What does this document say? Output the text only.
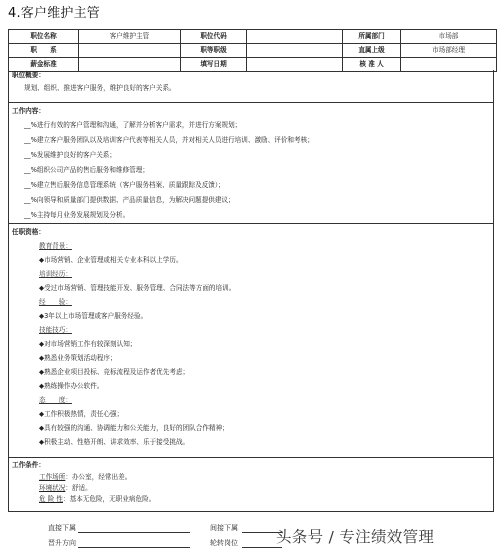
4.客户维护主管
职位名称	客户维护主管	职位代码		所属部门	市场部
职　　系		职等职级		直属上级	市场部经理
薪金标准		填写日期		核 准 人	
职位概要：
规划、组织、推进客户服务，维护良好的客户关系。
工作内容：
__%进行有效的客户管理和沟通，了解并分析客户需求，并进行方案规划；
__%建立客户服务团队以及培训客户代表等相关人员，并对相关人员进行培训、激励、评价和考核；
__%发展维护良好的客户关系；
__%组织公司产品的售后服务和维修管理；
__%建立售后服务信息管理系统（客户服务档案、质量跟踪及反馈）；
__%向领导和质量部门提供数据、产品质量信息，为解决问题提供建议；
__%主持每月业务发展规划及分析。
任职资格：
教育背景：
◆市场营销、企业管理或相关专业本科以上学历。
培训经历：
◆受过市场营销、管理技能开发、服务管理、合同法等方面的培训。
经　　验：
◆3年以上市场管理或客户服务经验。
技能技巧：
◆对市场营销工作有较深刻认知；
◆熟悉业务策划活动程序；
◆熟悉企业项目投标、竞标流程及运作者优先考虑；
◆熟练操作办公软件。
态　　度：
◆工作积极热情，责任心强；
◆具有较强的沟通、协调能力和公关能力，良好的团队合作精神；
◆积极主动、性格开朗、讲求效率、乐于接受挑战。
工作条件：
工作场所：办公室，经常出差。
环境状况：舒适。
危 险 性：基本无危险，无职业病危险。
直接下属	间接下属
晋升方向	轮转岗位 头条号 / 专注绩效管理
